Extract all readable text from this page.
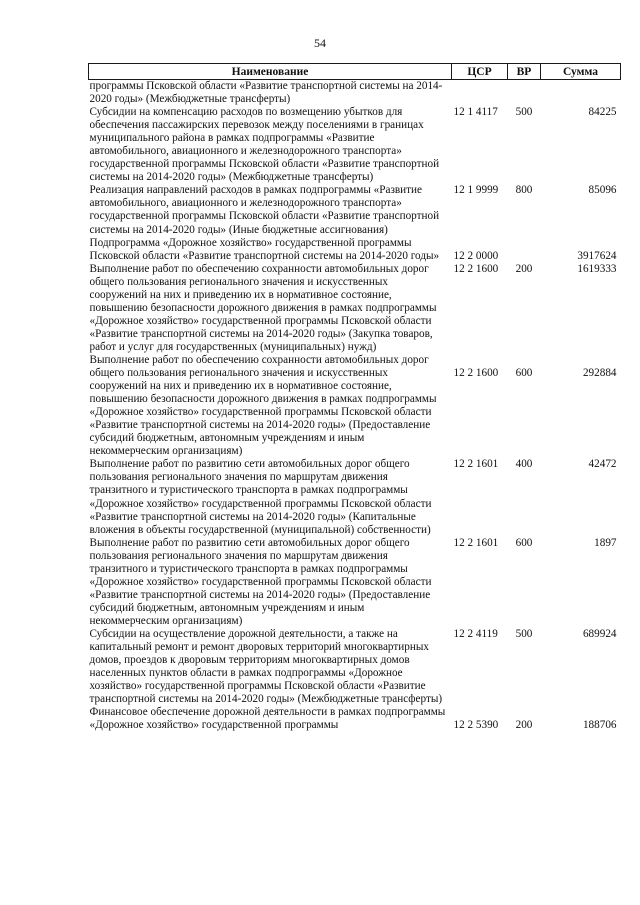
54
Наименование	ЦСР	ВР	Сумма
программы Псковской области «Развитие транспортной системы на 2014-2020 годы» (Межбюджетные трансферты)			
Субсидии на компенсацию расходов по возмещению убытков для обеспечения пассажирских перевозок между поселениями в границах муниципального района в рамках подпрограммы «Развитие автомобильного, авиационного и железнодорожного транспорта» государственной программы Псковской области «Развитие транспортной системы на 2014-2020 годы» (Межбюджетные трансферты)	12 1 4117	500	84225
Реализация направлений расходов в рамках подпрограммы «Развитие автомобильного, авиационного и железнодорожного транспорта» государственной программы Псковской области «Развитие транспортной системы на 2014-2020 годы» (Иные бюджетные ассигнования)	12 1 9999	800	85096
Подпрограмма «Дорожное хозяйство» государственной программы Псковской области «Развитие транспортной системы на 2014-2020 годы»	12 2 0000		3917624
Выполнение работ по обеспечению сохранности автомобильных дорог общего пользования регионального значения и искусственных сооружений на них и приведению их в нормативное состояние, повышению безопасности дорожного движения в рамках подпрограммы «Дорожное хозяйство» государственной программы Псковской области «Развитие транспортной системы на 2014-2020 годы» (Закупка товаров, работ и услуг для государственных (муниципальных) нужд)	12 2 1600	200	1619333
Выполнение работ по обеспечению сохранности автомобильных дорог общего пользования регионального значения и искусственных сооружений на них и приведению их в нормативное состояние, повышению безопасности дорожного движения в рамках подпрограммы «Дорожное хозяйство» государственной программы Псковской области «Развитие транспортной системы на 2014-2020 годы» (Предоставление субсидий бюджетным, автономным учреждениям и иным некоммерческим организациям)	12 2 1600	600	292884
Выполнение работ по развитию сети автомобильных дорог общего пользования регионального значения по маршрутам движения транзитного и туристического транспорта в рамках подпрограммы «Дорожное хозяйство» государственной программы Псковской области «Развитие транспортной системы на 2014-2020 годы» (Капитальные вложения в объекты государственной (муниципальной) собственности)	12 2 1601	400	42472
Выполнение работ по развитию сети автомобильных дорог общего пользования регионального значения по маршрутам движения транзитного и туристического транспорта в рамках подпрограммы «Дорожное хозяйство» государственной программы Псковской области «Развитие транспортной системы на 2014-2020 годы» (Предоставление субсидий бюджетным, автономным учреждениям и иным некоммерческим организациям)	12 2 1601	600	1897
Субсидии на осуществление дорожной деятельности, а также на капитальный ремонт и ремонт дворовых территорий многоквартирных домов, проездов к дворовым территориям многоквартирных домов населенных пунктов области в рамках подпрограммы «Дорожное хозяйство» государственной программы Псковской области «Развитие транспортной системы на 2014-2020 годы» (Межбюджетные трансферты)	12 2 4119	500	689924
Финансовое обеспечение дорожной деятельности в рамках подпрограммы «Дорожное хозяйство» государственной программы	12 2 5390	200	188706
